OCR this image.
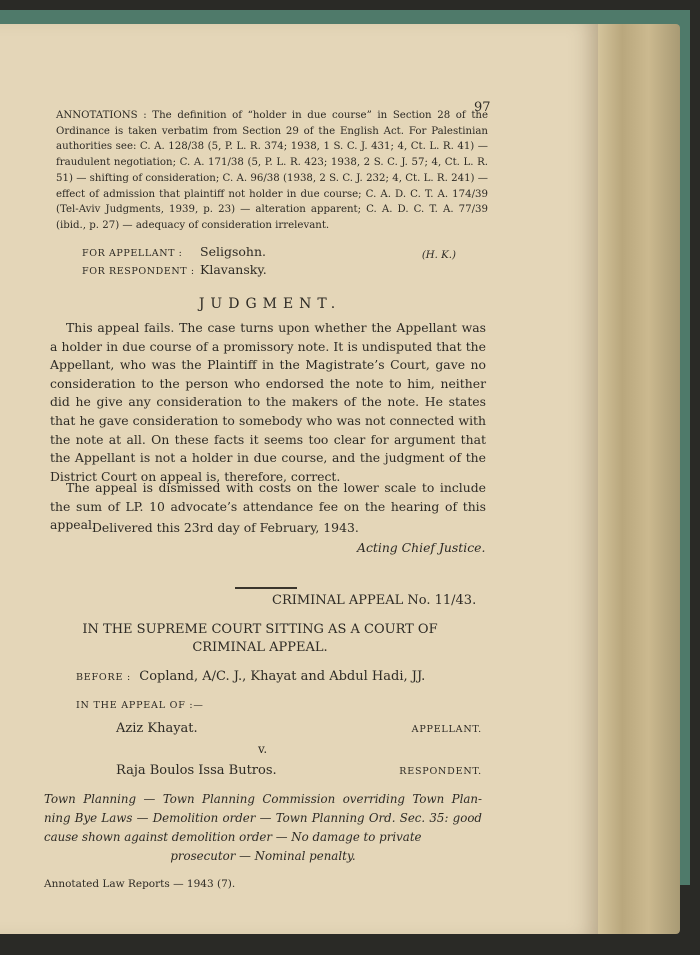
97
ANNOTATIONS : The definition of “holder in due course” in Section 28 of the Ordinance is taken verbatim from Section 29 of the English Act. For Palestinian authorities see: C. A. 128/38 (5, P. L. R. 374; 1938, 1 S. C. J. 431; 4, Ct. L. R. 41) — fraudulent negotiation; C. A. 171/38 (5, P. L. R. 423; 1938, 2 S. C. J. 57; 4, Ct. L. R. 51) — shifting of consideration; C. A. 96/38 (1938, 2 S. C. J. 232; 4, Ct. L. R. 241) — effect of admission that plaintiff not holder in due course; C. A. D. C. T. A. 174/39 (Tel-Aviv Judgments, 1939, p. 23) — alteration apparent; C. A. D. C. T. A. 77/39 (ibid., p. 27) — adequacy of consideration irrelevant.
(H. K.)
FOR APPELLANT : Seligsohn.
FOR RESPONDENT : Klavansky.
JUDGMENT.
This appeal fails. The case turns upon whether the Appellant was a holder in due course of a promissory note. It is undisputed that the Appellant, who was the Plaintiff in the Magistrate’s Court, gave no consideration to the person who endorsed the note to him, neither did he give any consideration to the makers of the note. He states that he gave consideration to somebody who was not connected with the note at all. On these facts it seems too clear for argument that the Appellant is not a holder in due course, and the judgment of the District Court on appeal is, therefore, correct.
The appeal is dismissed with costs on the lower scale to include the sum of LP. 10 advocate’s attendance fee on the hearing of this appeal.
Delivered this 23rd day of February, 1943.
Acting Chief Justice.
CRIMINAL APPEAL No. 11/43.
IN THE SUPREME COURT SITTING AS A COURT OF
CRIMINAL APPEAL.
BEFORE : Copland, A/C. J., Khayat and Abdul Hadi, JJ.
IN THE APPEAL OF :—
Aziz Khayat.	APPELLANT.
v.
Raja Boulos Issa Butros.	RESPONDENT.
Town Planning — Town Planning Commission overriding Town Plan- ning Bye Laws — Demolition order — Town Planning Ord. Sec. 35: good cause shown against demolition order — No damage to private
prosecutor — Nominal penalty.
Annotated Law Reports — 1943 (7).
